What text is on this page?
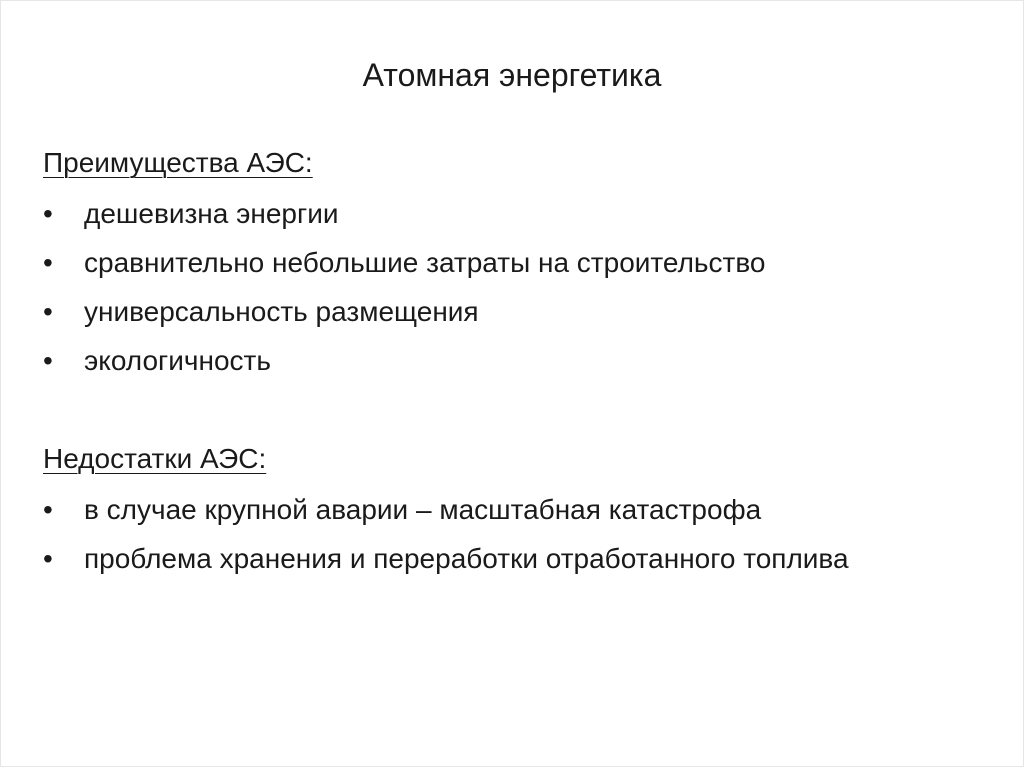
Атомная энергетика
Преимущества АЭС:
•	дешевизна энергии
•	сравнительно небольшие затраты на строительство
•	универсальность размещения
•	экологичность
Недостатки АЭС:
•	в случае крупной аварии – масштабная катастрофа
•	проблема хранения и переработки отработанного топлива
